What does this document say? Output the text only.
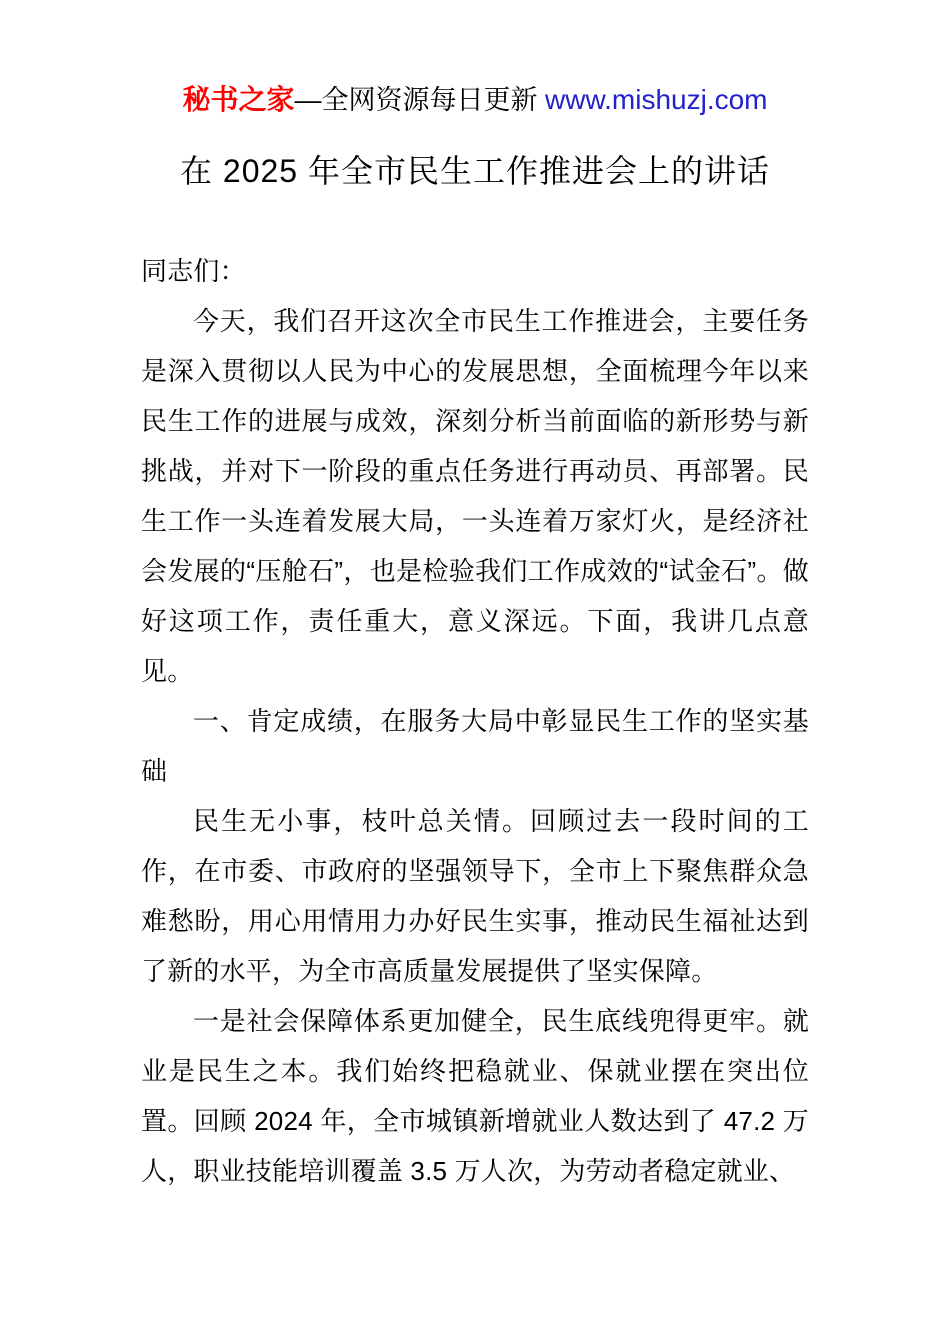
秘书之家—全网资源每日更新 www.mishuzj.com
在 2025 年全市民生工作推进会上的讲话

同志们：

今天，我们召开这次全市民生工作推进会，主要任务是深入贯彻以人民为中心的发展思想，全面梳理今年以来民生工作的进展与成效，深刻分析当前面临的新形势与新挑战，并对下一阶段的重点任务进行再动员、再部署。民生工作一头连着发展大局，一头连着万家灯火，是经济社会发展的“压舱石”，也是检验我们工作成效的“试金石”。做好这项工作，责任重大，意义深远。下面，我讲几点意见。

一、肯定成绩，在服务大局中彰显民生工作的坚实基础

民生无小事，枝叶总关情。回顾过去一段时间的工作，在市委、市政府的坚强领导下，全市上下聚焦群众急难愁盼，用心用情用力办好民生实事，推动民生福祉达到了新的水平，为全市高质量发展提供了坚实保障。

一是社会保障体系更加健全，民生底线兜得更牢。就业是民生之本。我们始终把稳就业、保就业摆在突出位置。回顾 2024 年，全市城镇新增就业人数达到了 47.2 万人，职业技能培训覆盖 3.5 万人次，为劳动者稳定就业、
